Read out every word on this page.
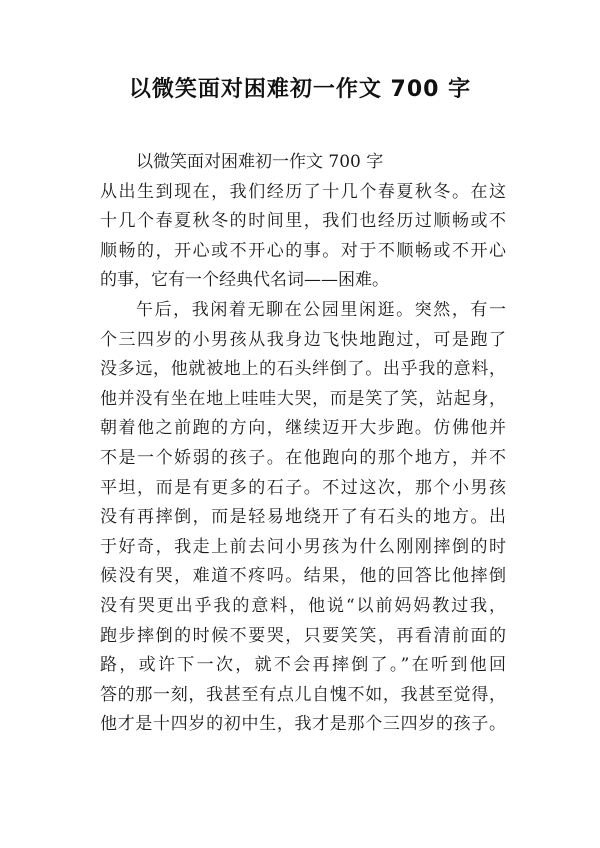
以微笑面对困难初一作文 700 字
以微笑面对困难初一作文 700 字
从出生到现在，我们经历了十几个春夏秋冬。在这
十几个春夏秋冬的时间里，我们也经历过顺畅或不
顺畅的，开心或不开心的事。对于不顺畅或不开心
的事，它有一个经典代名词——困难。
午后，我闲着无聊在公园里闲逛。突然，有一
个三四岁的小男孩从我身边飞快地跑过，可是跑了
没多远，他就被地上的石头绊倒了。出乎我的意料，
他并没有坐在地上哇哇大哭，而是笑了笑，站起身，
朝着他之前跑的方向，继续迈开大步跑。仿佛他并
不是一个娇弱的孩子。在他跑向的那个地方，并不
平坦，而是有更多的石子。不过这次，那个小男孩
没有再摔倒，而是轻易地绕开了有石头的地方。出
于好奇，我走上前去问小男孩为什么刚刚摔倒的时
候没有哭，难道不疼吗。结果，他的回答比他摔倒
没有哭更出乎我的意料，他说“以前妈妈教过我，
跑步摔倒的时候不要哭，只要笑笑，再看清前面的
路，或许下一次，就不会再摔倒了。”在听到他回
答的那一刻，我甚至有点儿自愧不如，我甚至觉得，
他才是十四岁的初中生，我才是那个三四岁的孩子。
